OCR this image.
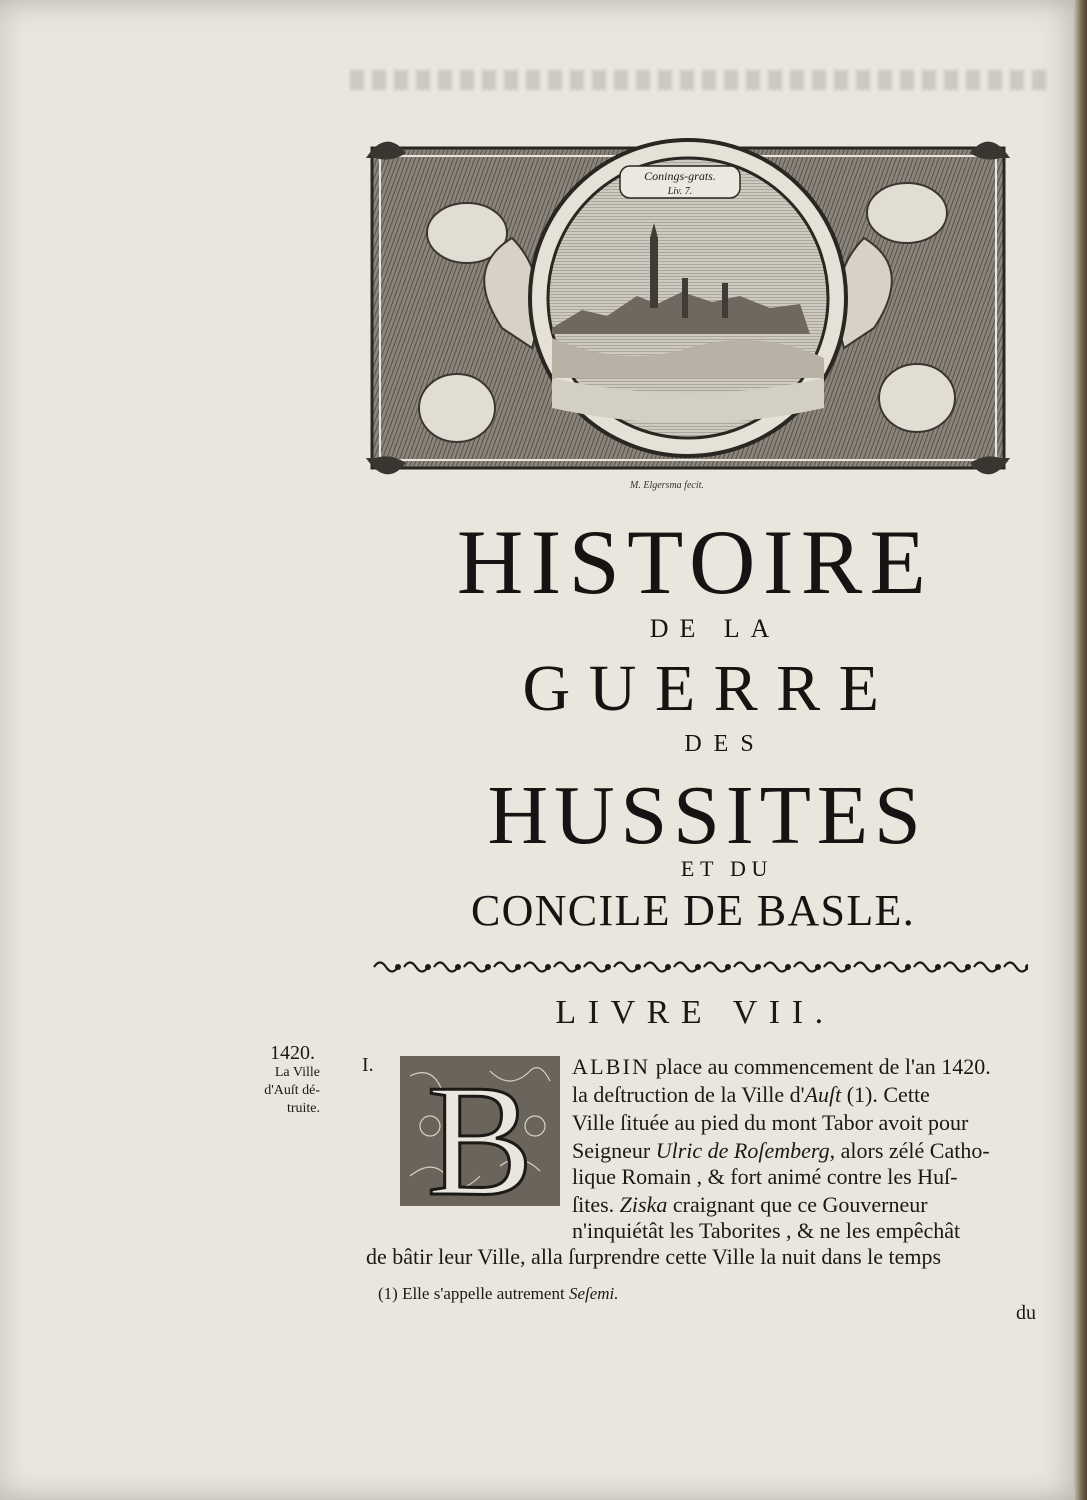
Conings-grats.
Liv. 7.
M. Elgersma fecit.
HISTOIRE
DE LA
GUERRE
DES
HUSSITES
ET DU
CONCILE DE BASLE.
LIVRE VII.
1420.
La Ville
d'Auſt dé-
truite.
I. B ALBIN place au commencement de l'an 1420.
la deſtruction de la Ville d'Auſt (1). Cette
Ville ſituée au pied du mont Tabor avoit pour
Seigneur Ulric de Roſemberg, alors zélé Catho-
lique Romain , & fort animé contre les Huſ-
ſites. Ziska craignant que ce Gouverneur
n'inquiétât les Taborites , & ne les empêchât
de bâtir leur Ville, alla ſurprendre cette Ville la nuit dans le temps
(1) Elle s'appelle autrement Seſemi.
du
